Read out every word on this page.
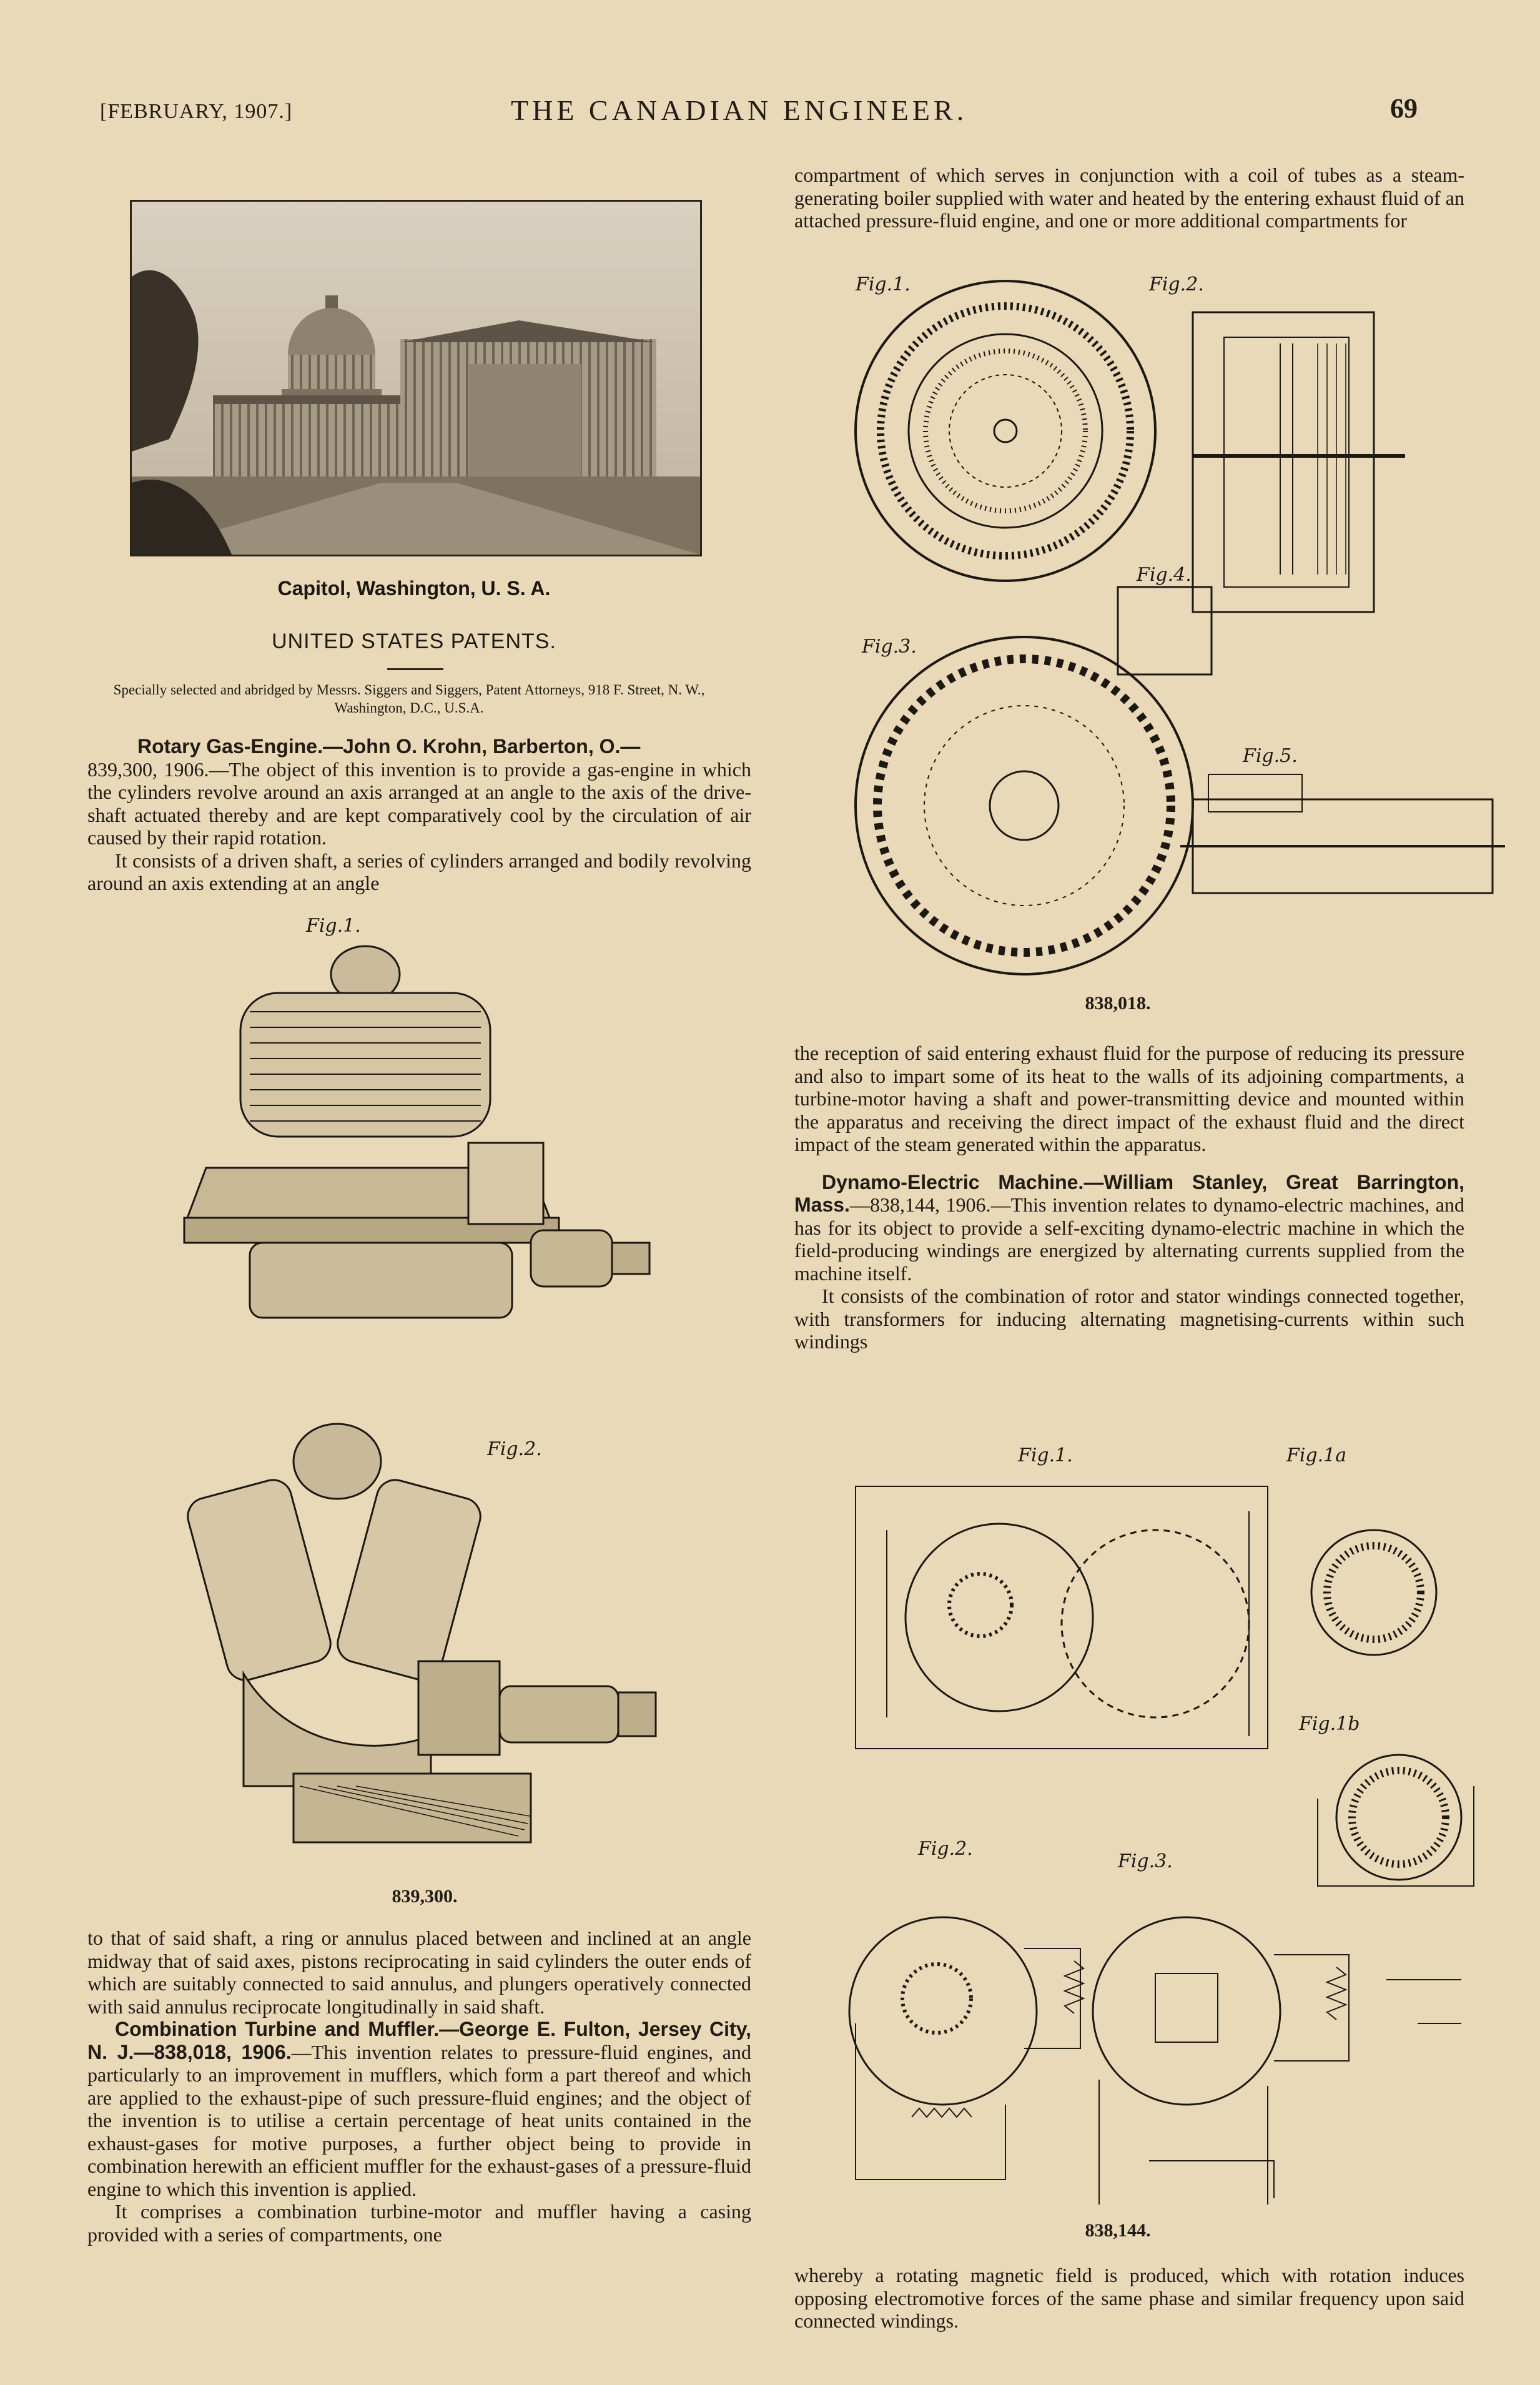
[FEBRUARY, 1907.]	THE CANADIAN ENGINEER.	69
Capitol, Washington, U. S. A.
UNITED STATES PATENTS.
Specially selected and abridged by Messrs. Siggers and Siggers, Patent Attorneys, 918 F. Street, N. W., Washington, D.C., U.S.A.

Rotary Gas-Engine.—John O. Krohn, Barberton, O.—

839,300, 1906.—The object of this invention is to provide a gas-engine in which the cylinders revolve around an axis arranged at an angle to the axis of the drive-shaft actuated thereby and are kept comparatively cool by the circulation of air caused by their rapid rotation.

It consists of a driven shaft, a series of cylinders arranged and bodily revolving around an axis extending at an angle

Fig.1.
Fig.2.
839,300.

to that of said shaft, a ring or annulus placed between and inclined at an angle midway that of said axes, pistons reciprocating in said cylinders the outer ends of which are suitably connected to said annulus, and plungers operatively connected with said annulus reciprocate longitudinally in said shaft.

Combination Turbine and Muffler.—George E. Fulton, Jersey City, N. J.—838,018, 1906.—This invention relates to pressure-fluid engines, and particularly to an improvement in mufflers, which form a part thereof and which are applied to the exhaust-pipe of such pressure-fluid engines; and the object of the invention is to utilise a certain percentage of heat units contained in the exhaust-gases for motive purposes, a further object being to provide in combination herewith an efficient muffler for the exhaust-gases of a pressure-fluid engine to which this invention is applied.

It comprises a combination turbine-motor and muffler having a casing provided with a series of compartments, one

compartment of which serves in conjunction with a coil of tubes as a steam-generating boiler supplied with water and heated by the entering exhaust fluid of an attached pressure-fluid engine, and one or more additional compartments for

Fig.1.	Fig.2.
Fig.3.
Fig.4.
Fig.5.
838,018.

the reception of said entering exhaust fluid for the purpose of reducing its pressure and also to impart some of its heat to the walls of its adjoining compartments, a turbine-motor having a shaft and power-transmitting device and mounted within the apparatus and receiving the direct impact of the exhaust fluid and the direct impact of the steam generated within the apparatus.

Dynamo-Electric Machine.—William Stanley, Great Barrington, Mass.—838,144, 1906.—This invention relates to dynamo-electric machines, and has for its object to provide a self-exciting dynamo-electric machine in which the field-producing windings are energized by alternating currents supplied from the machine itself.

It consists of the combination of rotor and stator windings connected together, with transformers for inducing alternating magnetising-currents within such windings

Fig.1.	Fig.1a
Fig.1b
Fig.2.
Fig.3.
838,144.

whereby a rotating magnetic field is produced, which with rotation induces opposing electromotive forces of the same phase and similar frequency upon said connected windings.
